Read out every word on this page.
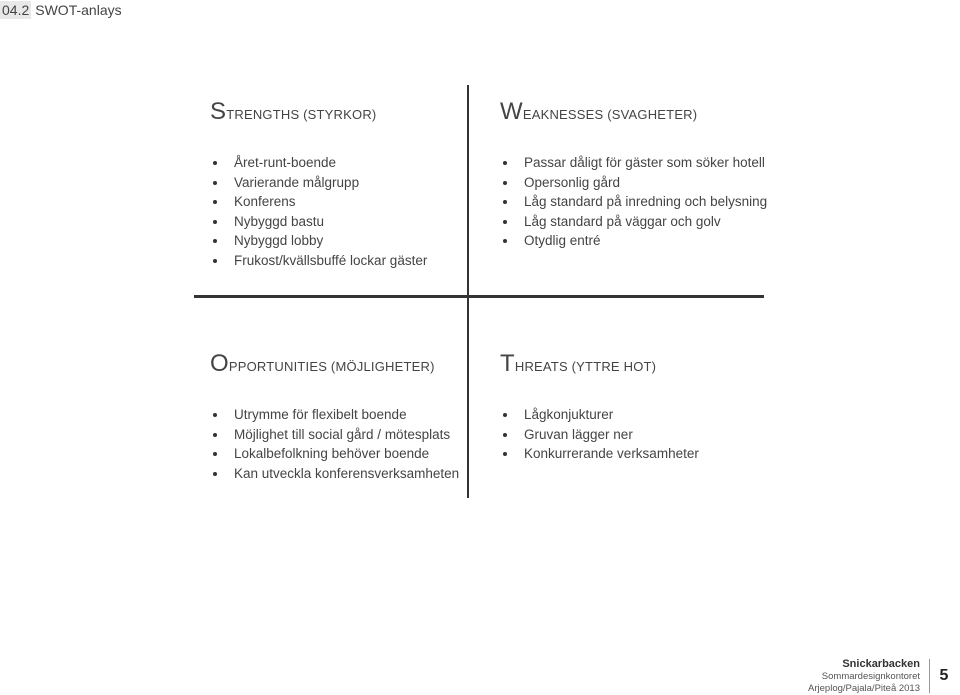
04.2 SWOT-anlays
STRENGTHS (STYRKOR)
Året-runt-boende
Varierande målgrupp
Konferens
Nybyggd bastu
Nybyggd lobby
Frukost/kvällsbuffé lockar gäster
WEAKNESSES (SVAGHETER)
Passar dåligt för gäster som söker hotell
Opersonlig gård
Låg standard på inredning och belysning
Låg standard på väggar och golv
Otydlig entré
OPPORTUNITIES (MÖJLIGHETER)
Utrymme för flexibelt boende
Möjlighet till social gård / mötesplats
Lokalbefolkning behöver boende
Kan utveckla konferensverksamheten
THREATS (YTTRE HOT)
Lågkonjukturer
Gruvan lägger ner
Konkurrerande verksamheter
Snickarbacken
Sommardesignkontoret
Arjeplog/Pajala/Piteå 2013
5
